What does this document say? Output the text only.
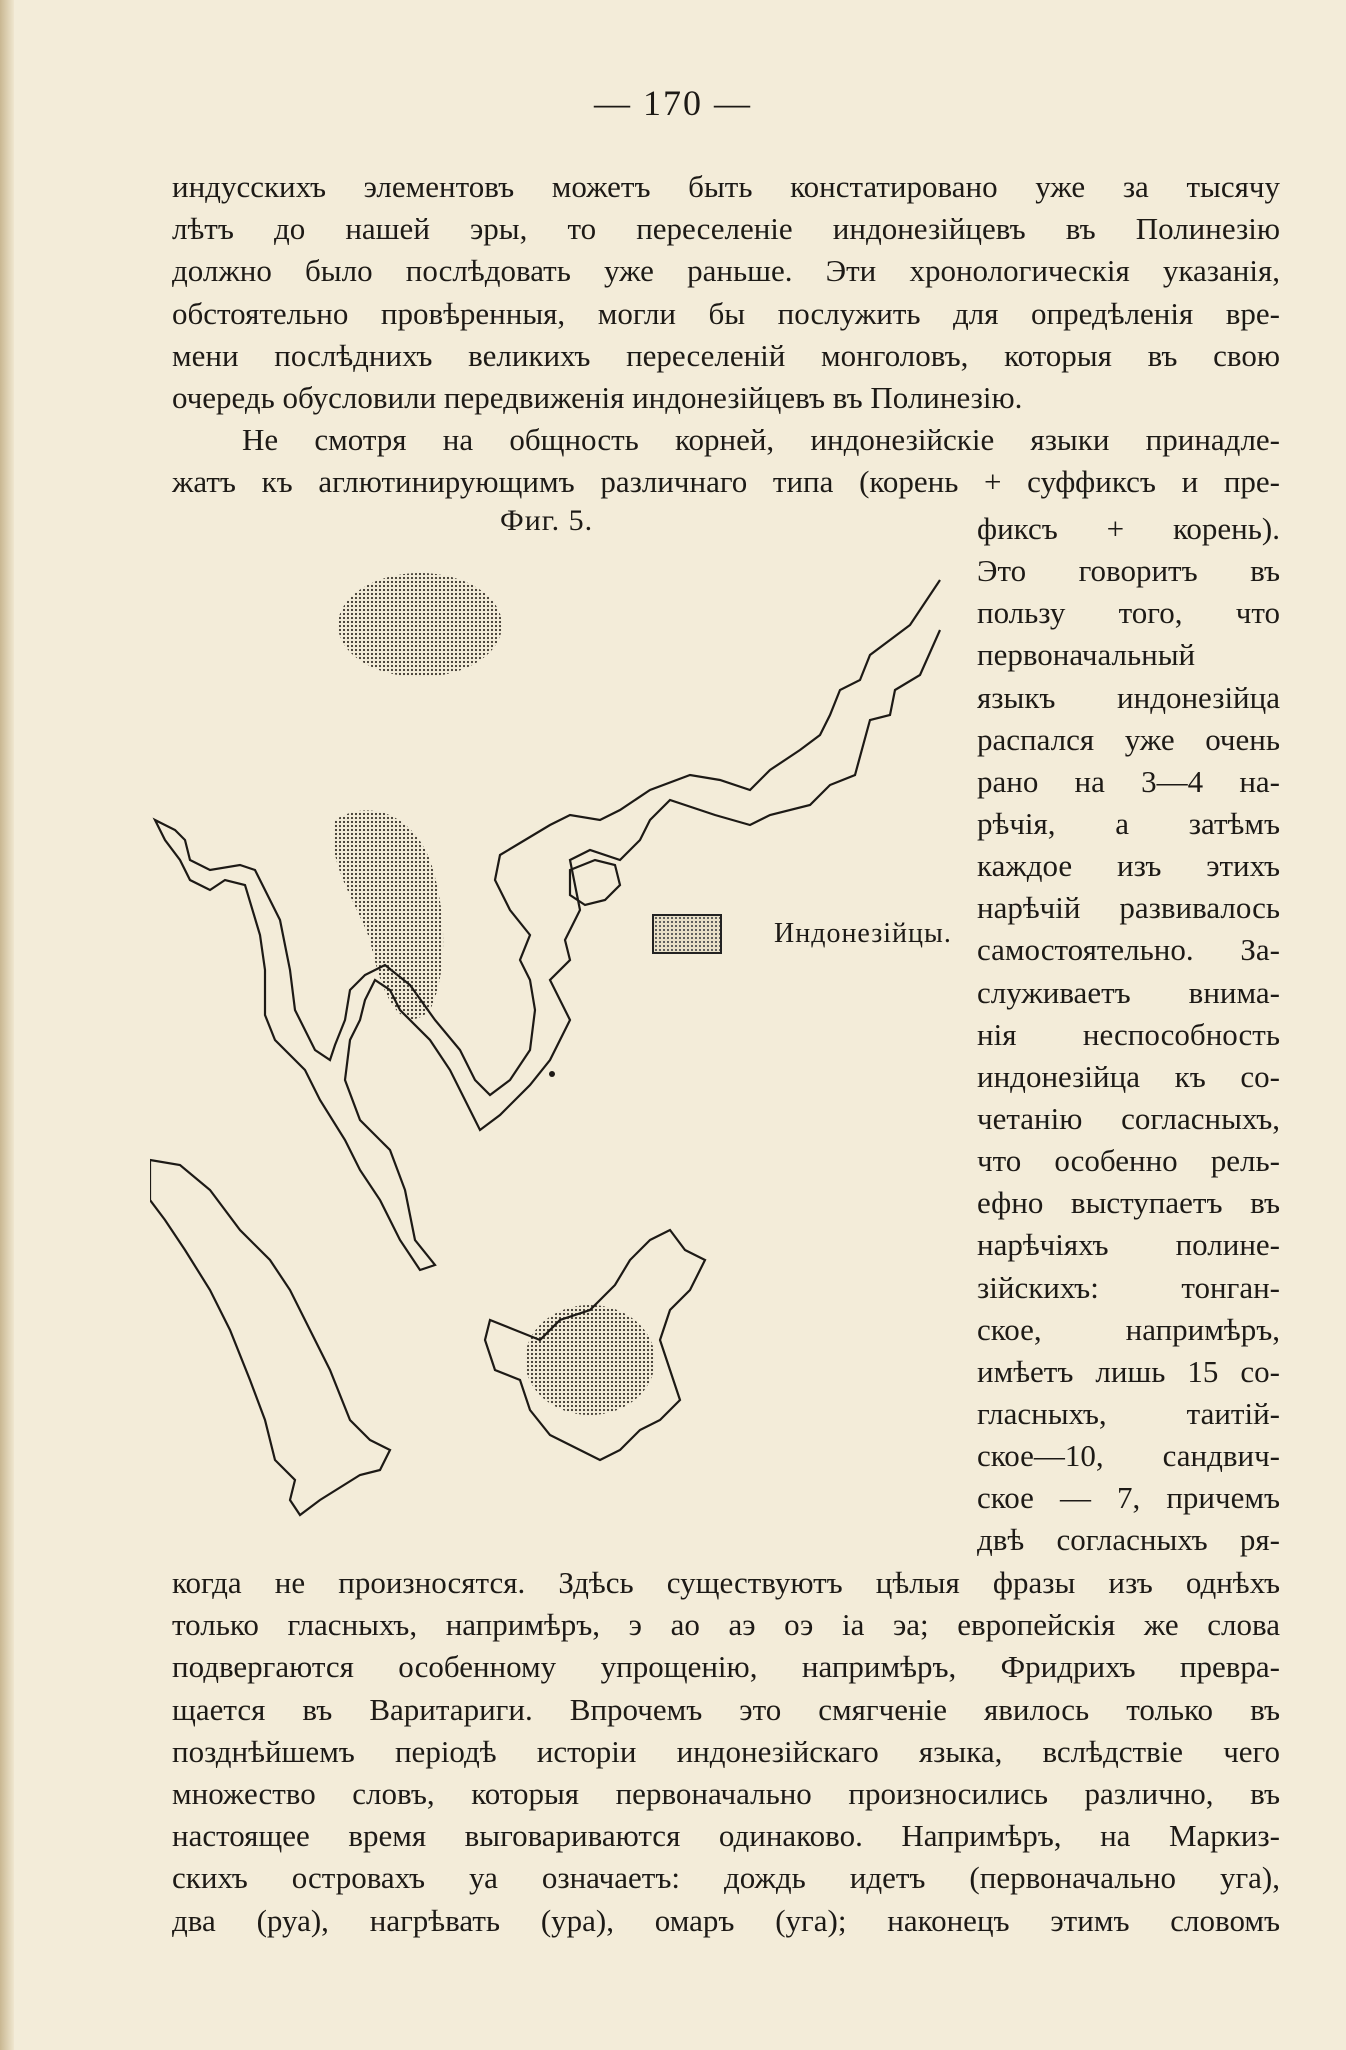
— 170 —
индусскихъ элементовъ можетъ быть констатировано уже за тысячу
лѣтъ до нашей эры, то переселеніе индонезійцевъ въ Полинезію
должно было послѣдовать уже раньше. Эти хронологическія указанія,
обстоятельно провѣренныя, могли бы послужить для опредѣленія вре-
мени послѣднихъ великихъ переселеній монголовъ, которыя въ свою
очередь обусловили передвиженія индонезійцевъ въ Полинезію.
Не смотря на общность корней, индонезійскіе языки принадле-
жатъ къ аглютинирующимъ различнаго типа (корень + суффиксъ и пре-
Фиг. 5.
Индонезійцы.
фиксъ + корень).
Это говоритъ въ
пользу того, что
первоначальный
языкъ индонезійца
распался уже очень
рано на 3—4 на-
рѣчія, а затѣмъ
каждое изъ этихъ
нарѣчій развивалось
самостоятельно. За-
служиваетъ внима-
нія неспособность
индонезійца къ со-
четанію согласныхъ,
что особенно рель-
ефно выступаетъ въ
нарѣчіяхъ полине-
зійскихъ: тонган-
ское, напримѣръ,
имѣетъ лишь 15 со-
гласныхъ, таитій-
ское—10, сандвич-
ское — 7, причемъ
двѣ согласныхъ ря-
когда не произносятся. Здѣсь существуютъ цѣлыя фразы изъ однѣхъ
только гласныхъ, напримѣръ, э ао аэ оэ іа эа; европейскія же слова
подвергаются особенному упрощенію, напримѣръ, Фридрихъ превра-
щается въ Варитариги. Впрочемъ это смягченіе явилось только въ
позднѣйшемъ періодѣ исторіи индонезійскаго языка, вслѣдствіе чего
множество словъ, которыя первоначально произносились различно, въ
настоящее время выговариваются одинаково. Напримѣръ, на Маркиз-
скихъ островахъ уа означаетъ: дождь идетъ (первоначально уга),
два (руа), нагрѣвать (ура), омаръ (уга); наконецъ этимъ словомъ
